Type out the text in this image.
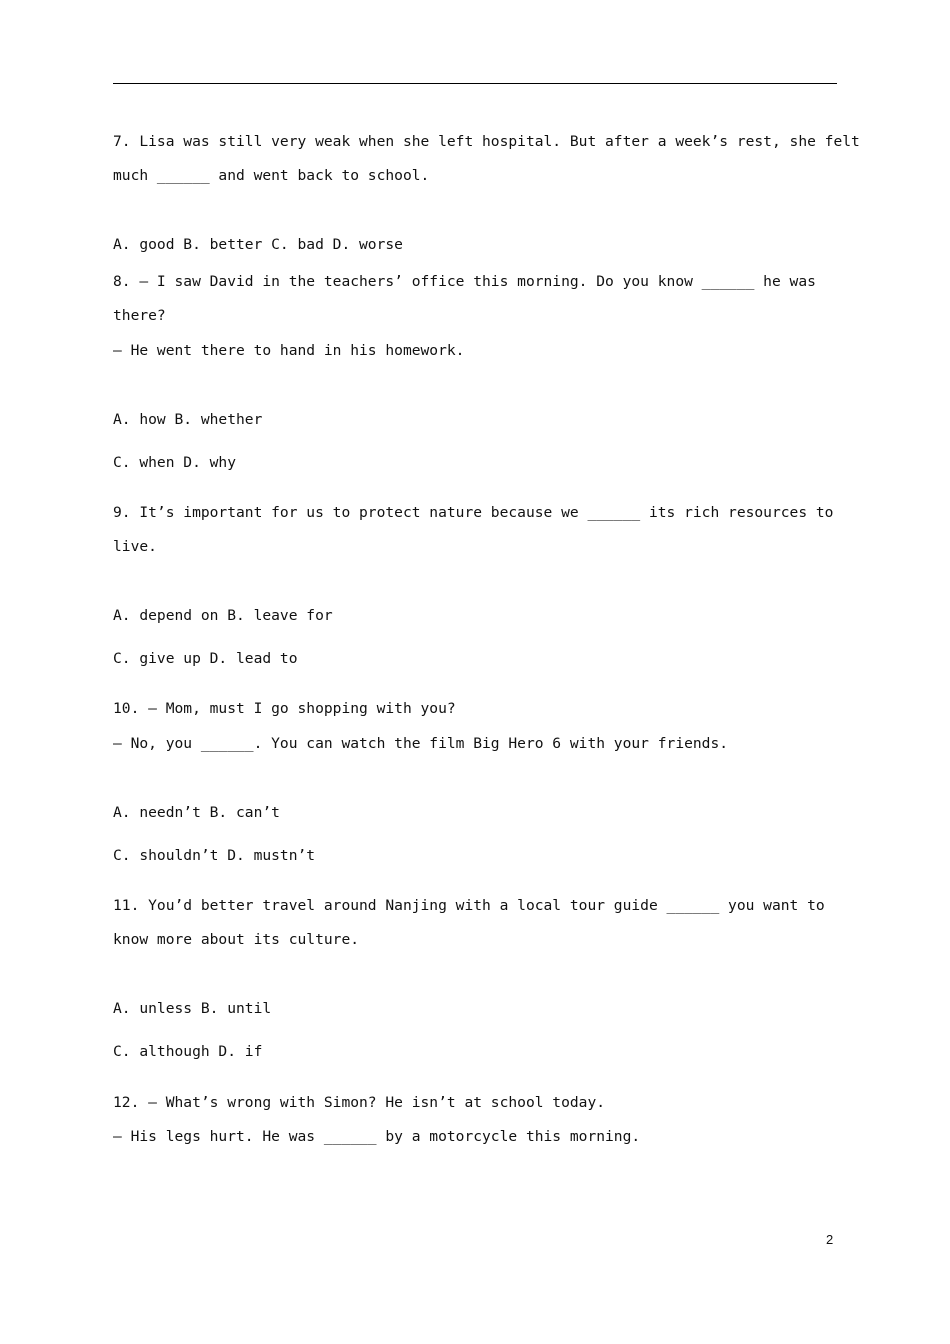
7. Lisa was still very weak when she left hospital. But after a week’s rest, she felt
much ______ and went back to school.
A. good B. better C. bad D. worse
8. — I saw David in the teachers’ office this morning. Do you know ______ he was
there?
— He went there to hand in his homework.
A. how B. whether
C. when D. why
9. It’s important for us to protect nature because we ______ its rich resources to
live.
A. depend on B. leave for
C. give up D. lead to
10. — Mom, must I go shopping with you?
— No, you ______. You can watch the film Big Hero 6 with your friends.
A. needn’t B. can’t
C. shouldn’t D. mustn’t
11. You’d better travel around Nanjing with a local tour guide ______ you want to
know more about its culture.
A. unless B. until
C. although D. if
12. — What’s wrong with Simon? He isn’t at school today.
— His legs hurt. He was ______ by a motorcycle this morning.
2
